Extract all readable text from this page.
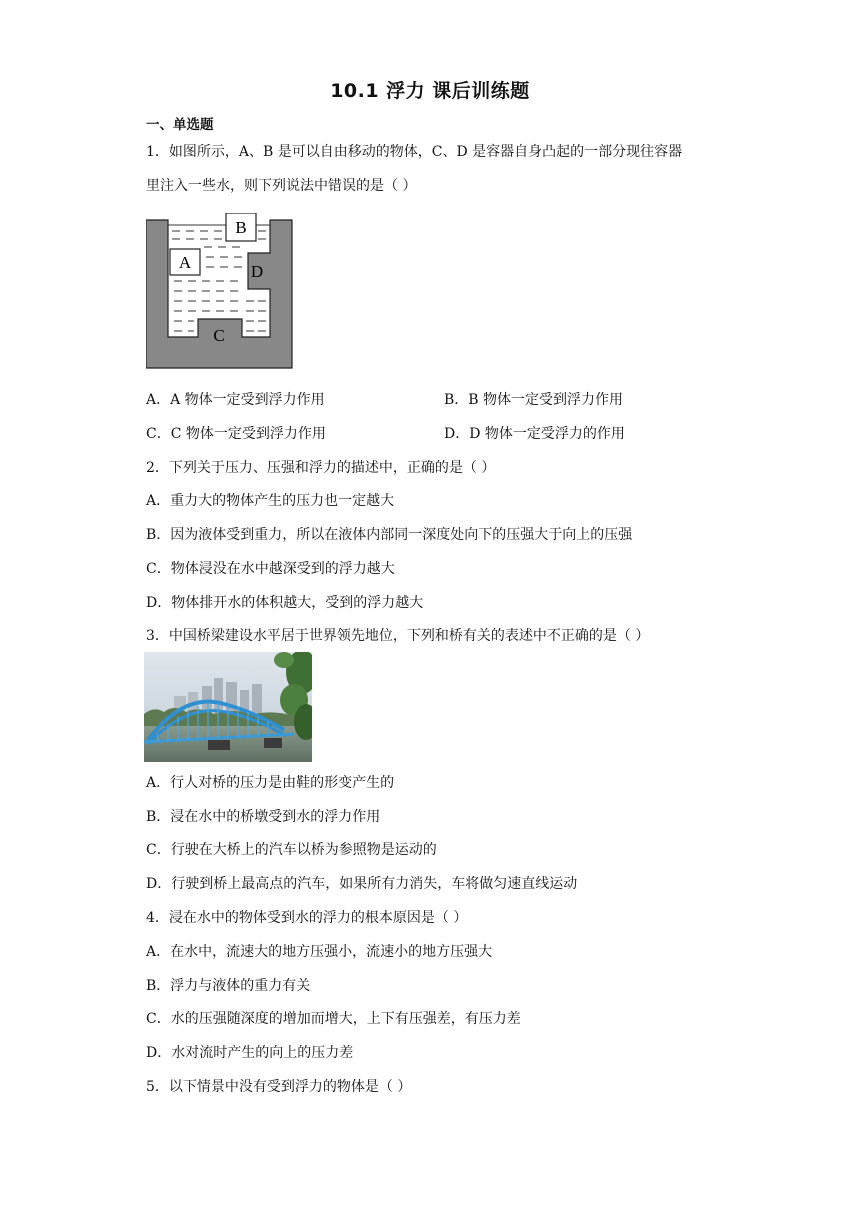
10.1 浮力 课后训练题
一、单选题
1．如图所示，A、B 是可以自由移动的物体，C、D 是容器自身凸起的一部分现往容器
里注入一些水，则下列说法中错误的是（ ）
B
A	D
C
A．A 物体一定受到浮力作用	B．B 物体一定受到浮力作用
C．C 物体一定受到浮力作用	D．D 物体一定受浮力的作用
2．下列关于压力、压强和浮力的描述中，正确的是（ ）
A．重力大的物体产生的压力也一定越大
B．因为液体受到重力，所以在液体内部同一深度处向下的压强大于向上的压强
C．物体浸没在水中越深受到的浮力越大
D．物体排开水的体积越大，受到的浮力越大
3．中国桥梁建设水平居于世界领先地位，下列和桥有关的表述中不正确的是（ ）
A．行人对桥的压力是由鞋的形变产生的
B．浸在水中的桥墩受到水的浮力作用
C．行驶在大桥上的汽车以桥为参照物是运动的
D．行驶到桥上最高点的汽车，如果所有力消失，车将做匀速直线运动
4．浸在水中的物体受到水的浮力的根本原因是（ ）
A．在水中，流速大的地方压强小，流速小的地方压强大
B．浮力与液体的重力有关
C．水的压强随深度的增加而增大，上下有压强差，有压力差
D．水对流时产生的向上的压力差
5．以下情景中没有受到浮力的物体是（ ）
